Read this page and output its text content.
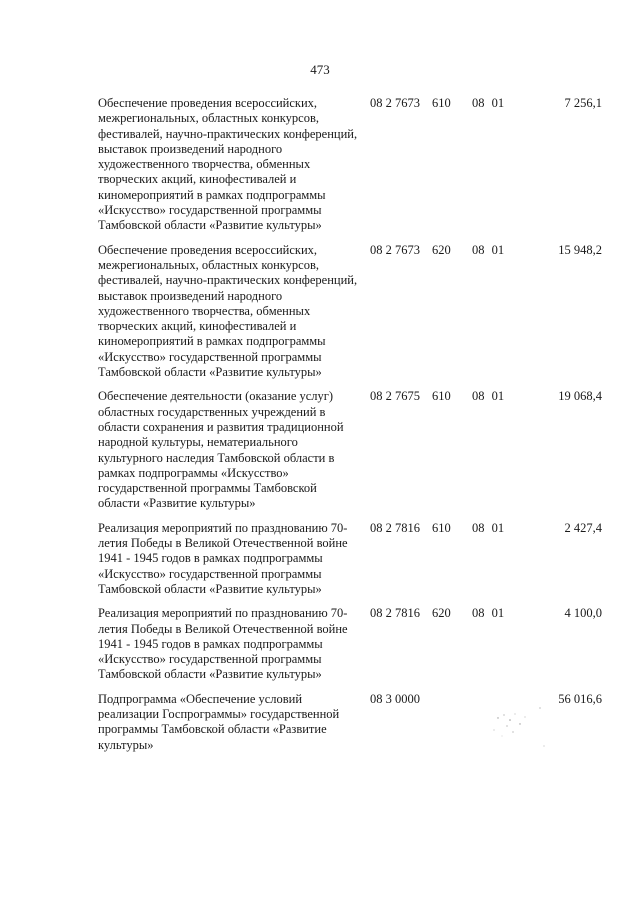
473
Обеспечение проведения всероссийских, межрегиональных, областных конкурсов, фестивалей, научно-практических конференций, выставок произведений народного художественного творчества, обменных творческих акций, кинофестивалей и киномероприятий в рамках подпрограммы «Искусство» государственной программы Тамбовской области «Развитие культуры»
08 2 7673 610 08 01	7 256,1
Обеспечение проведения всероссийских, межрегиональных, областных конкурсов, фестивалей, научно-практических конференций, выставок произведений народного художественного творчества, обменных творческих акций, кинофестивалей и киномероприятий в рамках подпрограммы «Искусство» государственной программы Тамбовской области «Развитие культуры»
08 2 7673 620 08 01	15 948,2
Обеспечение деятельности (оказание услуг) областных государственных учреждений в области сохранения и развития традиционной народной культуры, нематериального культурного наследия Тамбовской области в рамках подпрограммы «Искусство» государственной программы Тамбовской области «Развитие культуры»
08 2 7675 610 08 01	19 068,4
Реализация мероприятий по празднованию 70-летия Победы в Великой Отечественной войне 1941 - 1945 годов в рамках подпрограммы «Искусство» государственной программы Тамбовской области «Развитие культуры»
08 2 7816 610 08 01	2 427,4
Реализация мероприятий по празднованию 70-летия Победы в Великой Отечественной войне 1941 - 1945 годов в рамках подпрограммы «Искусство» государственной программы Тамбовской области «Развитие культуры»
08 2 7816 620 08 01	4 100,0
Подпрограмма «Обеспечение условий реализации Госпрограммы» государственной программы Тамбовской области «Развитие культуры»
08 3 0000	56 016,6
